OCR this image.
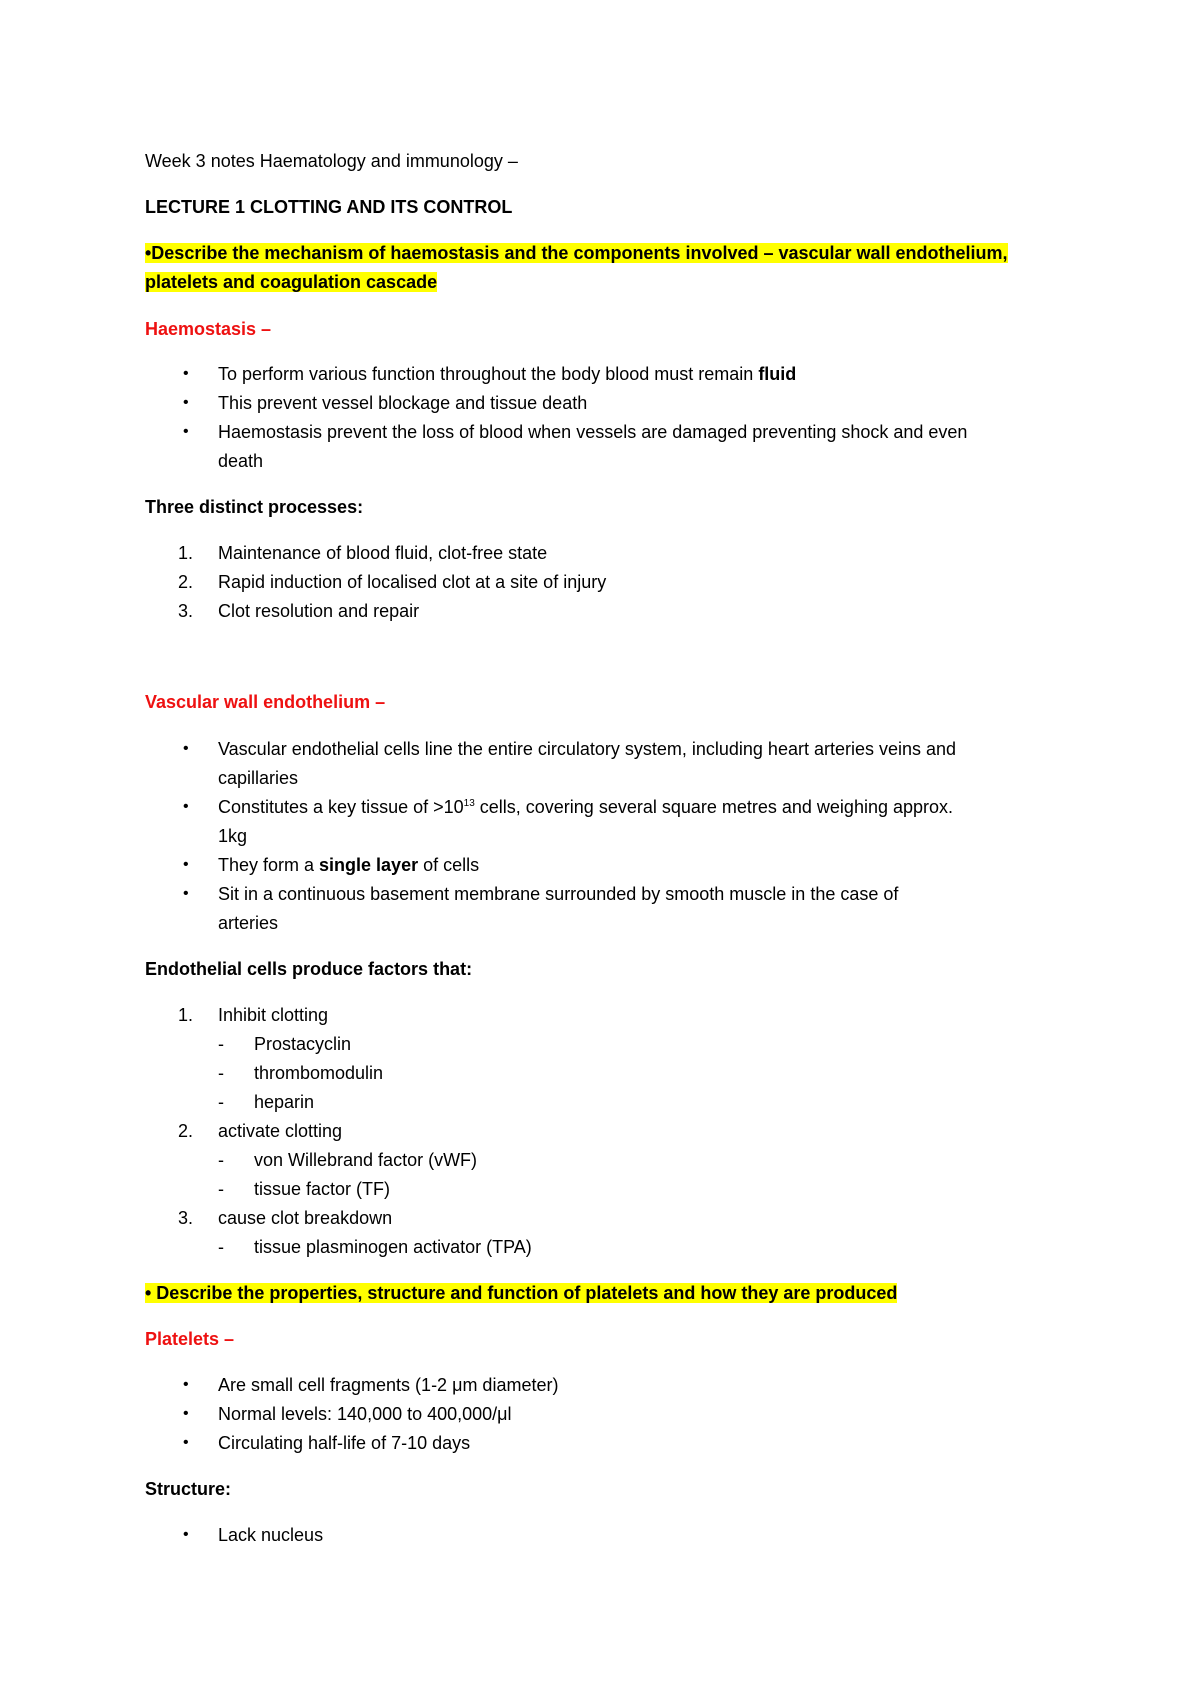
Week 3 notes Haematology and immunology –
LECTURE 1 CLOTTING AND ITS CONTROL
•Describe the mechanism of haemostasis and the components involved – vascular wall endothelium,
platelets and coagulation cascade
Haemostasis –
• To perform various function throughout the body blood must remain fluid
• This prevent vessel blockage and tissue death
• Haemostasis prevent the loss of blood when vessels are damaged preventing shock and even
death
Three distinct processes:
1. Maintenance of blood fluid, clot-free state
2. Rapid induction of localised clot at a site of injury
3. Clot resolution and repair
Vascular wall endothelium –
• Vascular endothelial cells line the entire circulatory system, including heart arteries veins and
capillaries
• Constitutes a key tissue of $>10^{13}$ cells, covering several square metres and weighing approx.
1kg
• They form a single layer of cells
• Sit in a continuous basement membrane surrounded by smooth muscle in the case of
arteries
Endothelial cells produce factors that:
1. Inhibit clotting
- Prostacyclin
- thrombomodulin
- heparin
2. activate clotting
- von Willebrand factor (vWF)
- tissue factor (TF)
3. cause clot breakdown
- tissue plasminogen activator (TPA)
• Describe the properties, structure and function of platelets and how they are produced
Platelets –
• Are small cell fragments (1-2 μm diameter)
• Normal levels: 140,000 to 400,000/μl
• Circulating half-life of 7-10 days
Structure:
• Lack nucleus
